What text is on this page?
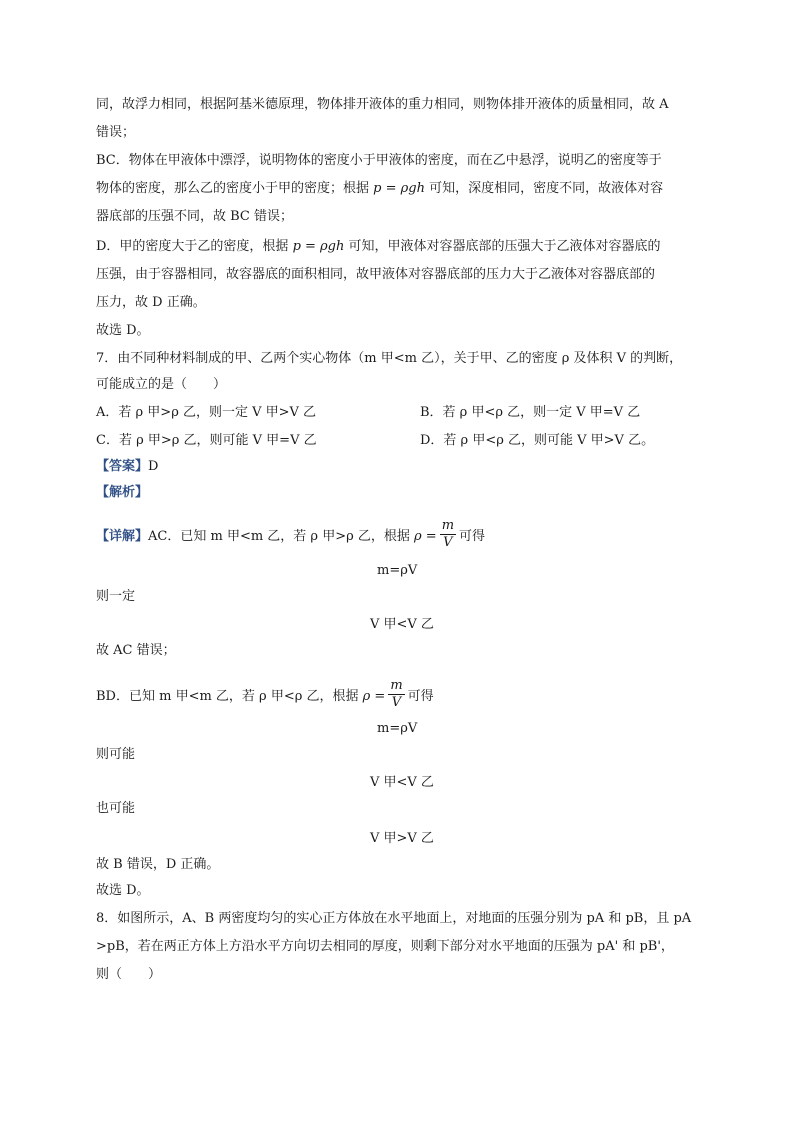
同，故浮力相同，根据阿基米德原理，物体排开液体的重力相同，则物体排开液体的质量相同，故 A
错误；
BC．物体在甲液体中漂浮，说明物体的密度小于甲液体的密度，而在乙中悬浮，说明乙的密度等于
物体的密度，那么乙的密度小于甲的密度；根据 p = ρgh 可知，深度相同，密度不同，故液体对容
器底部的压强不同，故 BC 错误；
D．甲的密度大于乙的密度，根据 p = ρgh 可知，甲液体对容器底部的压强大于乙液体对容器底的
压强，由于容器相同，故容器底的面积相同，故甲液体对容器底部的压力大于乙液体对容器底部的
压力，故 D 正确。
故选 D。
7．由不同种材料制成的甲、乙两个实心物体（m 甲<m 乙），关于甲、乙的密度 ρ 及体积 V 的判断，
可能成立的是（　　）
A．若 ρ 甲>ρ 乙，则一定 V 甲>V 乙	B．若 ρ 甲<ρ 乙，则一定 V 甲=V 乙
C．若 ρ 甲>ρ 乙，则可能 V 甲=V 乙	D．若 ρ 甲<ρ 乙，则可能 V 甲>V 乙。
【答案】D
【解析】
【详解】AC．已知 m 甲<m 乙，若 ρ 甲>ρ 乙，根据 $\rho = \frac{m}{V}$ 可得
m=ρV
则一定
V 甲<V 乙
故 AC 错误；
BD．已知 m 甲<m 乙，若 ρ 甲<ρ 乙，根据 $\rho = \frac{m}{V}$ 可得
m=ρV
则可能
V 甲<V 乙
也可能
V 甲>V 乙
故 B 错误，D 正确。
故选 D。
8．如图所示，A、B 两密度均匀的实心正方体放在水平地面上，对地面的压强分别为 pA 和 pB，且 pA
>pB，若在两正方体上方沿水平方向切去相同的厚度，则剩下部分对水平地面的压强为 pA' 和 pB'，
则（　　）
